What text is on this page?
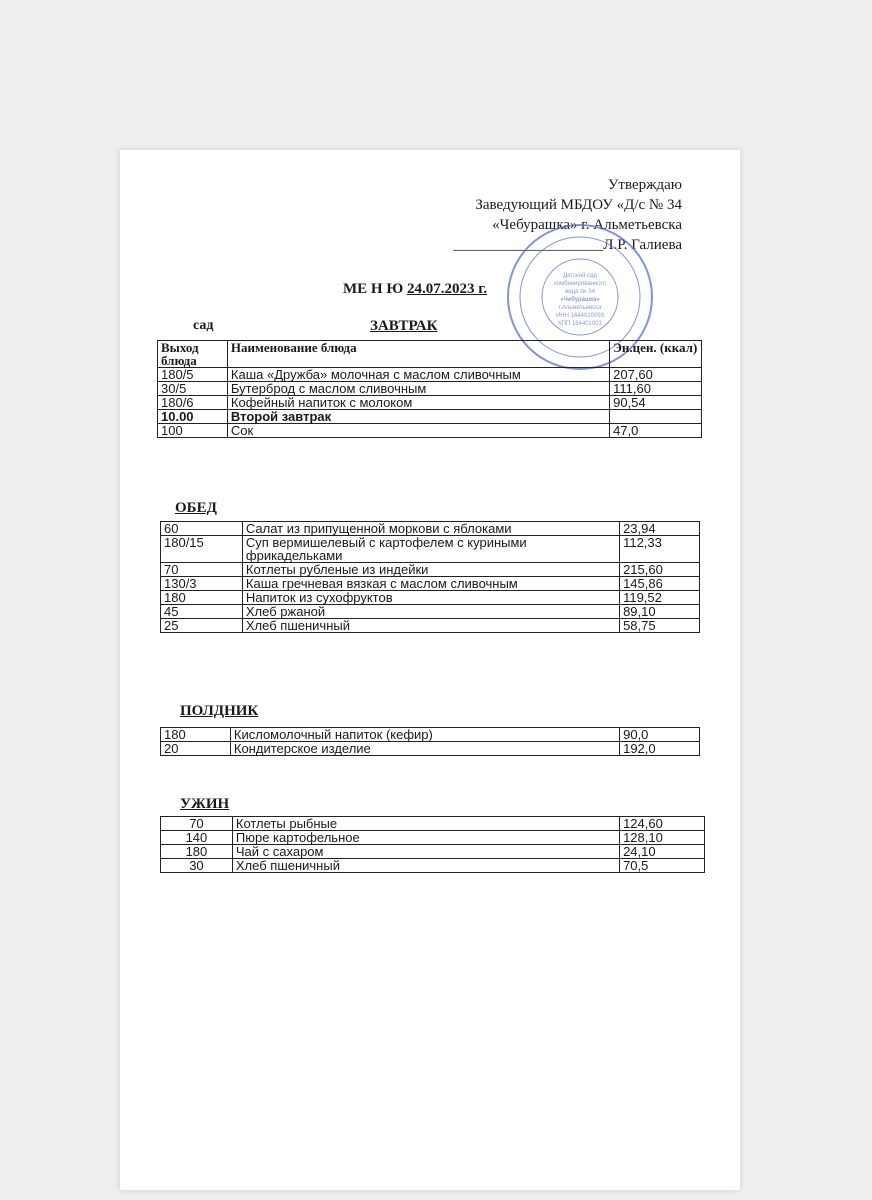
Утверждаю
Заведующий МБДОУ «Д/с № 34
«Чебурашка» г. Альметьевска
____________________Л.Р. Галиева
Детский сад
комбинированного
вида № 34
«Чебурашка»
г.Альметьевска
ИНН 1644020093
КПП 164401001
МЕ Н Ю 24.07.2023 г.
сад	ЗАВТРАК
Выход блюда	Наименование блюда	Эн.цен. (ккал)
180/5	Каша «Дружба» молочная с маслом сливочным	207,60
30/5	Бутерброд с маслом сливочным	111,60
180/6	Кофейный напиток с молоком	90,54
10.00	Второй завтрак	
100	Сок	47,0
ОБЕД
60	Салат из припущенной моркови с яблоками	23,94
180/15	Суп вермишелевый с картофелем с куриными фрикадельками	112,33
70	Котлеты рубленые из индейки	215,60
130/3	Каша гречневая вязкая с маслом сливочным	145,86
180	Напиток из сухофруктов	119,52
45	Хлеб ржаной	89,10
25	Хлеб пшеничный	58,75
ПОЛДНИК
180	Кисломолочный напиток (кефир)	90,0
20	Кондитерское изделие	192,0
УЖИН
70	Котлеты рыбные	124,60
140	Пюре картофельное	128,10
180	Чай с сахаром	24,10
30	Хлеб пшеничный	70,5
